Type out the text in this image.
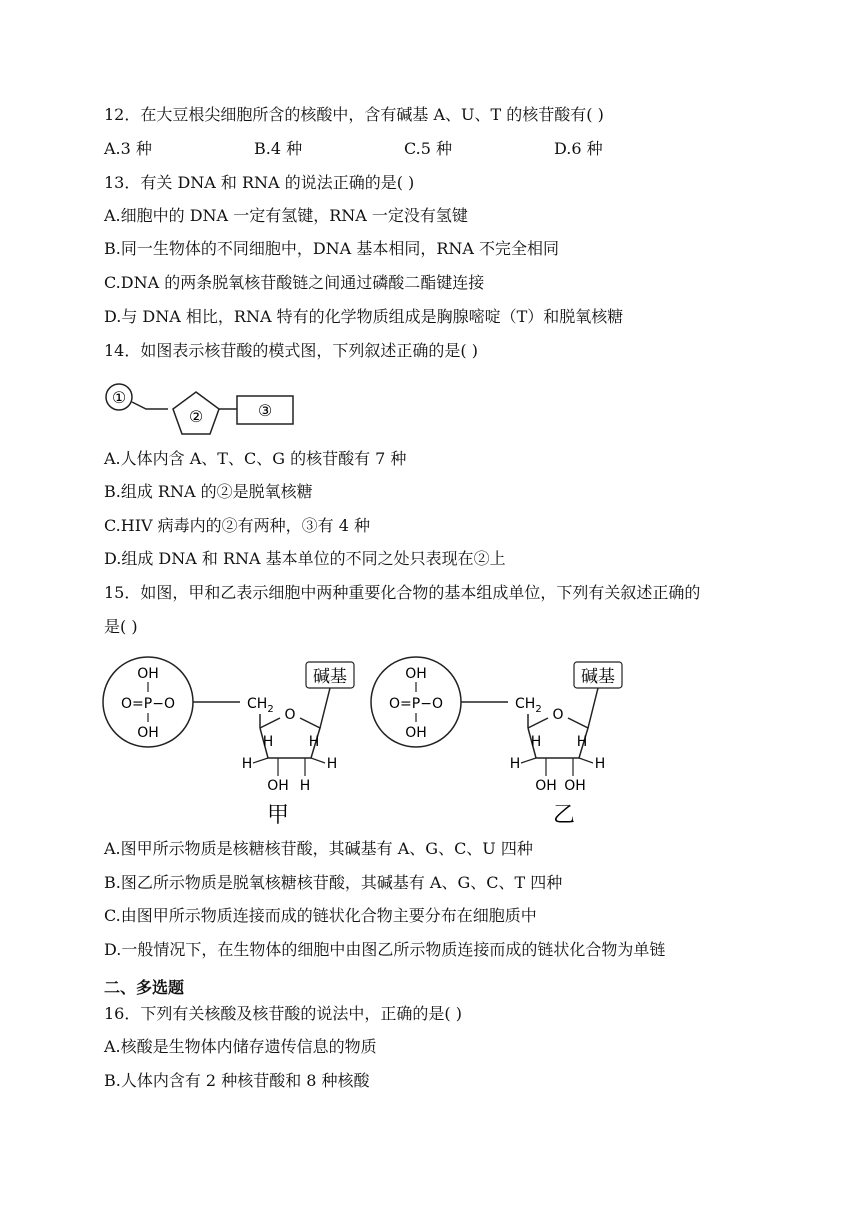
12．在大豆根尖细胞所含的核酸中，含有碱基 A、U、T 的核苷酸有( )
A.3 种	B.4 种	C.5 种	D.6 种
13．有关 DNA 和 RNA 的说法正确的是( )
A.细胞中的 DNA 一定有氢键，RNA 一定没有氢键
B.同一生物体的不同细胞中，DNA 基本相同，RNA 不完全相同
C.DNA 的两条脱氧核苷酸链之间通过磷酸二酯键连接
D.与 DNA 相比，RNA 特有的化学物质组成是胸腺嘧啶（T）和脱氧核糖
14．如图表示核苷酸的模式图，下列叙述正确的是( )
①
②	③
A.人体内含 A、T、C、G 的核苷酸有 7 种
B.组成 RNA 的②是脱氧核糖
C.HIV 病毒内的②有两种，③有 4 种
D.组成 DNA 和 RNA 基本单位的不同之处只表现在②上
15．如图，甲和乙表示细胞中两种重要化合物的基本组成单位，下列有关叙述正确的
是( )
OH
O=P−O
OH
$CH_2$ O
碱基
H	H
H	H
OH H
甲
OH
O=P−O
OH
$CH_2$ O
碱基
H	H
H	H
OH OH
乙
A.图甲所示物质是核糖核苷酸，其碱基有 A、G、C、U 四种
B.图乙所示物质是脱氧核糖核苷酸，其碱基有 A、G、C、T 四种
C.由图甲所示物质连接而成的链状化合物主要分布在细胞质中
D.一般情况下，在生物体的细胞中由图乙所示物质连接而成的链状化合物为单链
二、多选题
16．下列有关核酸及核苷酸的说法中，正确的是( )
A.核酸是生物体内储存遗传信息的物质
B.人体内含有 2 种核苷酸和 8 种核酸
